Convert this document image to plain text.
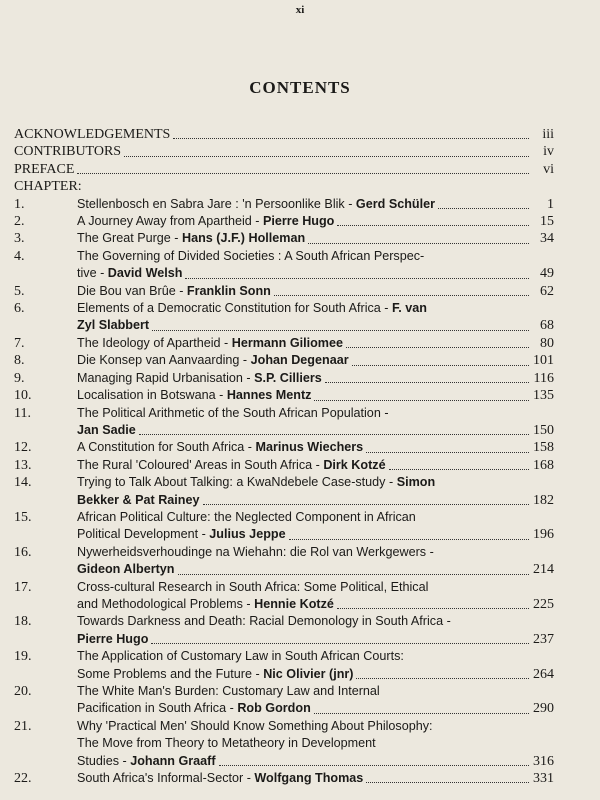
xi
CONTENTS
ACKNOWLEDGEMENTS	iii
CONTRIBUTORS	iv
PREFACE	vi
CHAPTER:
1.	Stellenbosch en Sabra Jare : 'n Persoonlike Blik - Gerd Schüler	1
2.	A Journey Away from Apartheid - Pierre Hugo	15
3.	The Great Purge - Hans (J.F.) Holleman	34
4.	The Governing of Divided Societies : A South African Perspec-
tive - David Welsh	49
5.	Die Bou van Brûe - Franklin Sonn	62
6.	Elements of a Democratic Constitution for South Africa - F. van
Zyl Slabbert	68
7.	The Ideology of Apartheid - Hermann Giliomee	80
8.	Die Konsep van Aanvaarding - Johan Degenaar	101
9.	Managing Rapid Urbanisation - S.P. Cilliers	116
10.	Localisation in Botswana - Hannes Mentz	135
11.	The Political Arithmetic of the South African Population -
Jan Sadie	150
12.	A Constitution for South Africa - Marinus Wiechers	158
13.	The Rural 'Coloured' Areas in South Africa - Dirk Kotzé	168
14.	Trying to Talk About Talking: a KwaNdebele Case-study - Simon
Bekker & Pat Rainey	182
15.	African Political Culture: the Neglected Component in African
Political Development - Julius Jeppe	196
16.	Nywerheidsverhoudinge na Wiehahn: die Rol van Werkgewers -
Gideon Albertyn	214
17.	Cross-cultural Research in South Africa: Some Political, Ethical
and Methodological Problems - Hennie Kotzé	225
18.	Towards Darkness and Death: Racial Demonology in South Africa -
Pierre Hugo	237
19.	The Application of Customary Law in South African Courts:
Some Problems and the Future - Nic Olivier (jnr)	264
20.	The White Man's Burden: Customary Law and Internal
Pacification in South Africa - Rob Gordon	290
21.	Why 'Practical Men' Should Know Something About Philosophy:
The Move from Theory to Metatheory in Development
Studies - Johann Graaff	316
22.	South Africa's Informal-Sector - Wolfgang Thomas	331
